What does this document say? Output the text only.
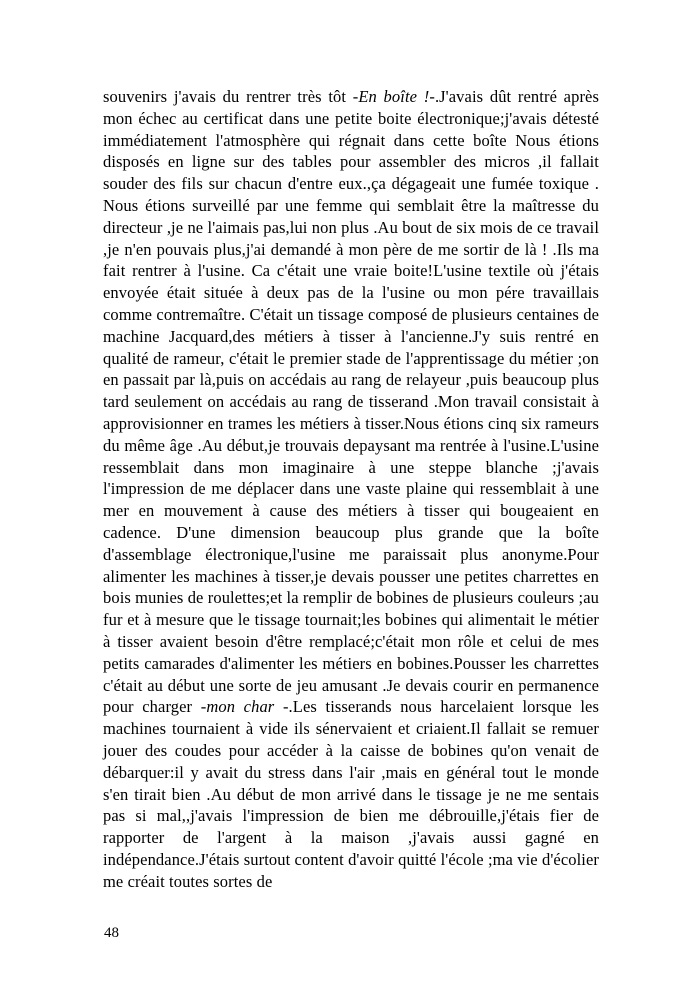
souvenirs j'avais du rentrer très tôt -En boîte !-.J'avais dût rentré après mon échec au certificat dans une petite boite électronique;j'avais détesté immédiatement l'atmosphère qui régnait dans cette boîte Nous étions disposés en ligne sur des tables pour assembler des micros ,il fallait souder des fils sur chacun d'entre eux.,ça dégageait une fumée toxique . Nous étions surveillé par une femme qui semblait être la maîtresse du directeur ,je ne l'aimais pas,lui non plus .Au bout de six mois de ce travail ,je n'en pouvais plus,j'ai demandé à mon père de me sortir de là ! .Ils ma fait rentrer à l'usine. Ca c'était une vraie boite!L'usine textile où j'étais envoyée était située à deux pas de la l'usine ou mon pére travaillais comme contremaître. C'était un tissage composé de plusieurs centaines de machine Jacquard,des métiers à tisser à l'ancienne.J'y suis rentré en qualité de rameur, c'était le premier stade de l'apprentissage du métier ;on en passait par là,puis on accédais au rang de relayeur ,puis beaucoup plus tard seulement on accédais au rang de tisserand .Mon travail consistait à approvisionner en trames les métiers à tisser.Nous étions cinq six rameurs du même âge .Au début,je trouvais depaysant ma rentrée à l'usine.L'usine ressemblait dans mon imaginaire à une steppe blanche ;j'avais l'impression de me déplacer dans une vaste plaine qui ressemblait à une mer en mouvement à cause des métiers à tisser qui bougeaient en cadence. D'une dimension beaucoup plus grande que la boîte d'assemblage électronique,l'usine me paraissait plus anonyme.Pour alimenter les machines à tisser,je devais pousser une petites charrettes en bois munies de roulettes;et la remplir de bobines de plusieurs couleurs ;au fur et à mesure que le tissage tournait;les bobines qui alimentait le métier à tisser avaient besoin d'être remplacé;c'était mon rôle et celui de mes petits camarades d'alimenter les métiers en bobines.Pousser les charrettes c'était au début une sorte de jeu amusant .Je devais courir en permanence pour charger -mon char -.Les tisserands nous harcelaient lorsque les machines tournaient à vide ils sénervaient et criaient.Il fallait se remuer jouer des coudes pour accéder à la caisse de bobines qu'on venait de débarquer:il y avait du stress dans l'air ,mais en général tout le monde s'en tirait bien .Au début de mon arrivé dans le tissage je ne me sentais pas si mal,,j'avais l'impression de bien me débrouille,j'étais fier de rapporter de l'argent à la maison ,j'avais aussi gagné en indépendance.J'étais surtout content d'avoir quitté l'école ;ma vie d'écolier me créait toutes sortes de
48
